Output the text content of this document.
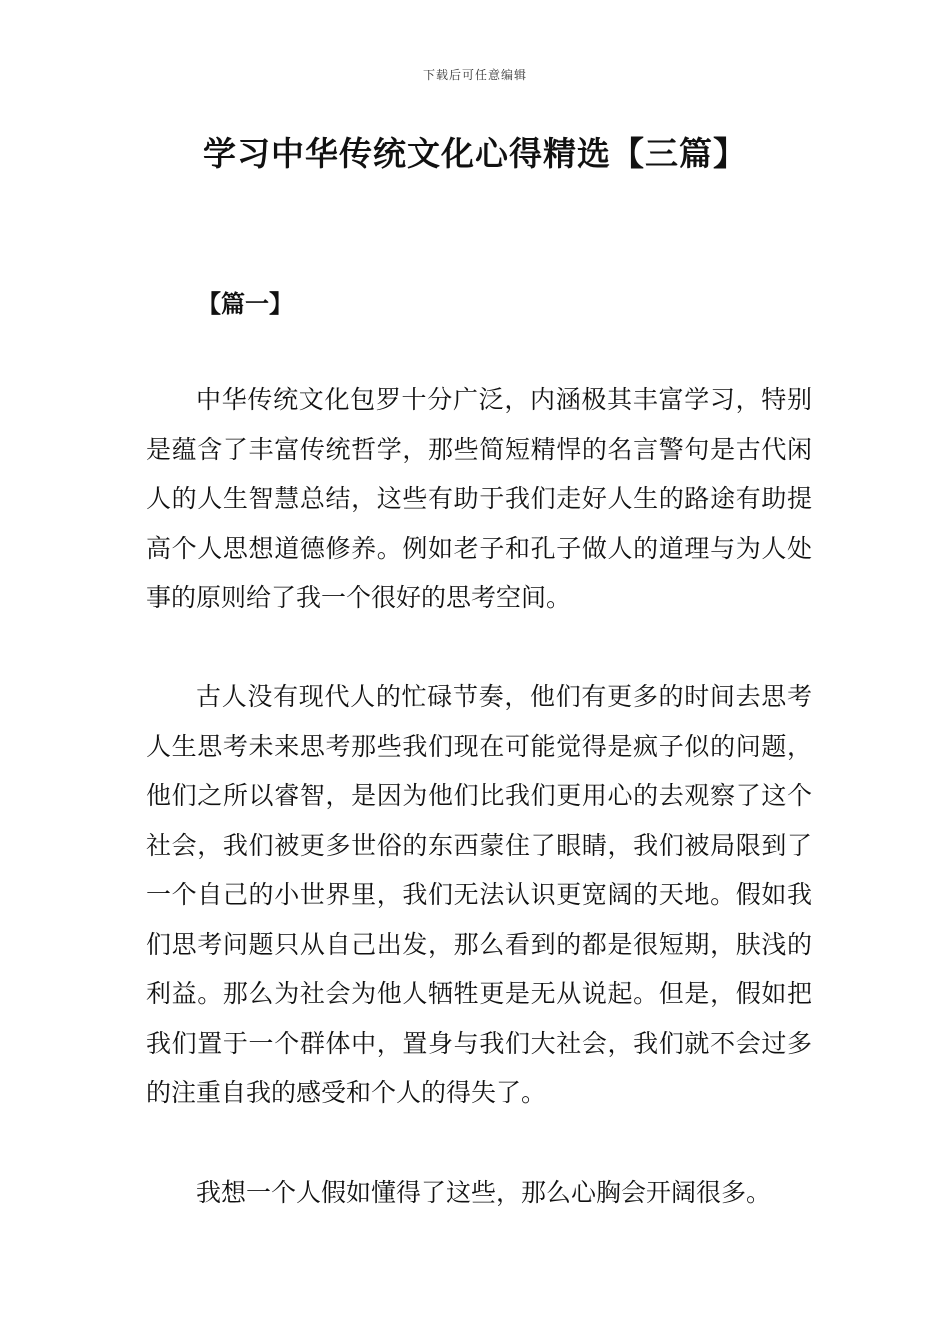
下载后可任意编辑
学习中华传统文化心得精选【三篇】
【篇一】

中华传统文化包罗十分广泛，内涵极其丰富学习，特别是蕴含了丰富传统哲学，那些简短精悍的名言警句是古代闲人的人生智慧总结，这些有助于我们走好人生的路途有助提高个人思想道德修养。例如老子和孔子做人的道理与为人处事的原则给了我一个很好的思考空间。

古人没有现代人的忙碌节奏，他们有更多的时间去思考人生思考未来思考那些我们现在可能觉得是疯子似的问题，他们之所以睿智，是因为他们比我们更用心的去观察了这个社会，我们被更多世俗的东西蒙住了眼睛，我们被局限到了一个自己的小世界里，我们无法认识更宽阔的天地。假如我们思考问题只从自己出发，那么看到的都是很短期，肤浅的利益。那么为社会为他人牺牲更是无从说起。但是，假如把我们置于一个群体中，置身与我们大社会，我们就不会过多的注重自我的感受和个人的得失了。

我想一个人假如懂得了这些，那么心胸会开阔很多。
